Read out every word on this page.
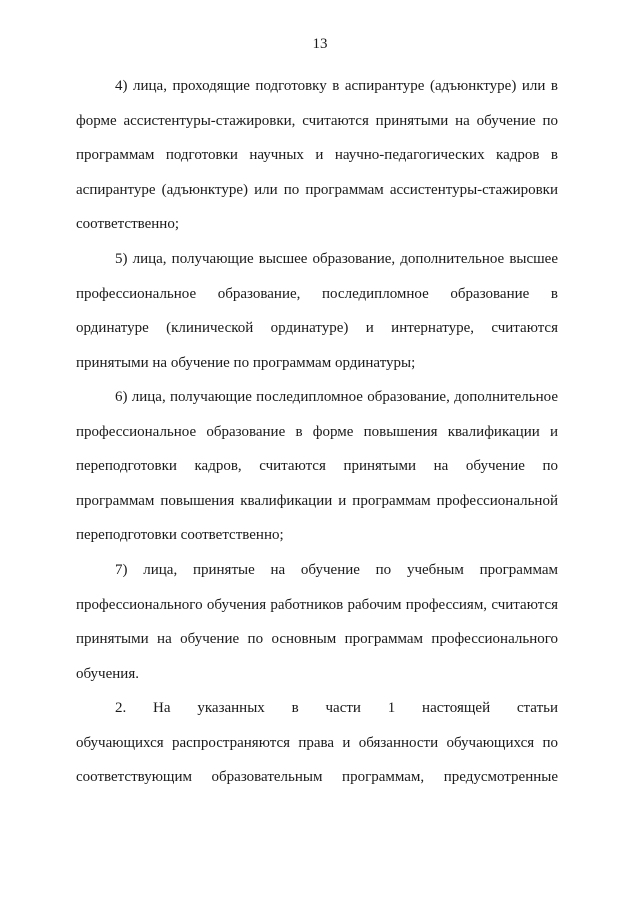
13
4) лица, проходящие подготовку в аспирантуре (адъюнктуре) или в
форме ассистентуры-стажировки, считаются принятыми на обучение по
программам подготовки научных и научно-педагогических кадров в
аспирантуре (адъюнктуре) или по программам ассистентуры-стажировки
соответственно;
5) лица, получающие высшее образование, дополнительное высшее
профессиональное образование, последипломное образование в
ординатуре (клинической ординатуре) и интернатуре, считаются
принятыми на обучение по программам ординатуры;
6) лица, получающие последипломное образование, дополнительное
профессиональное образование в форме повышения квалификации и
переподготовки кадров, считаются принятыми на обучение по
программам повышения квалификации и программам профессиональной
переподготовки соответственно;
7) лица, принятые на обучение по учебным программам
профессионального обучения работников рабочим профессиям, считаются
принятыми на обучение по основным программам профессионального
обучения.
2. На указанных в части 1 настоящей статьи
обучающихся распространяются права и обязанности обучающихся по
соответствующим образовательным программам, предусмотренные
